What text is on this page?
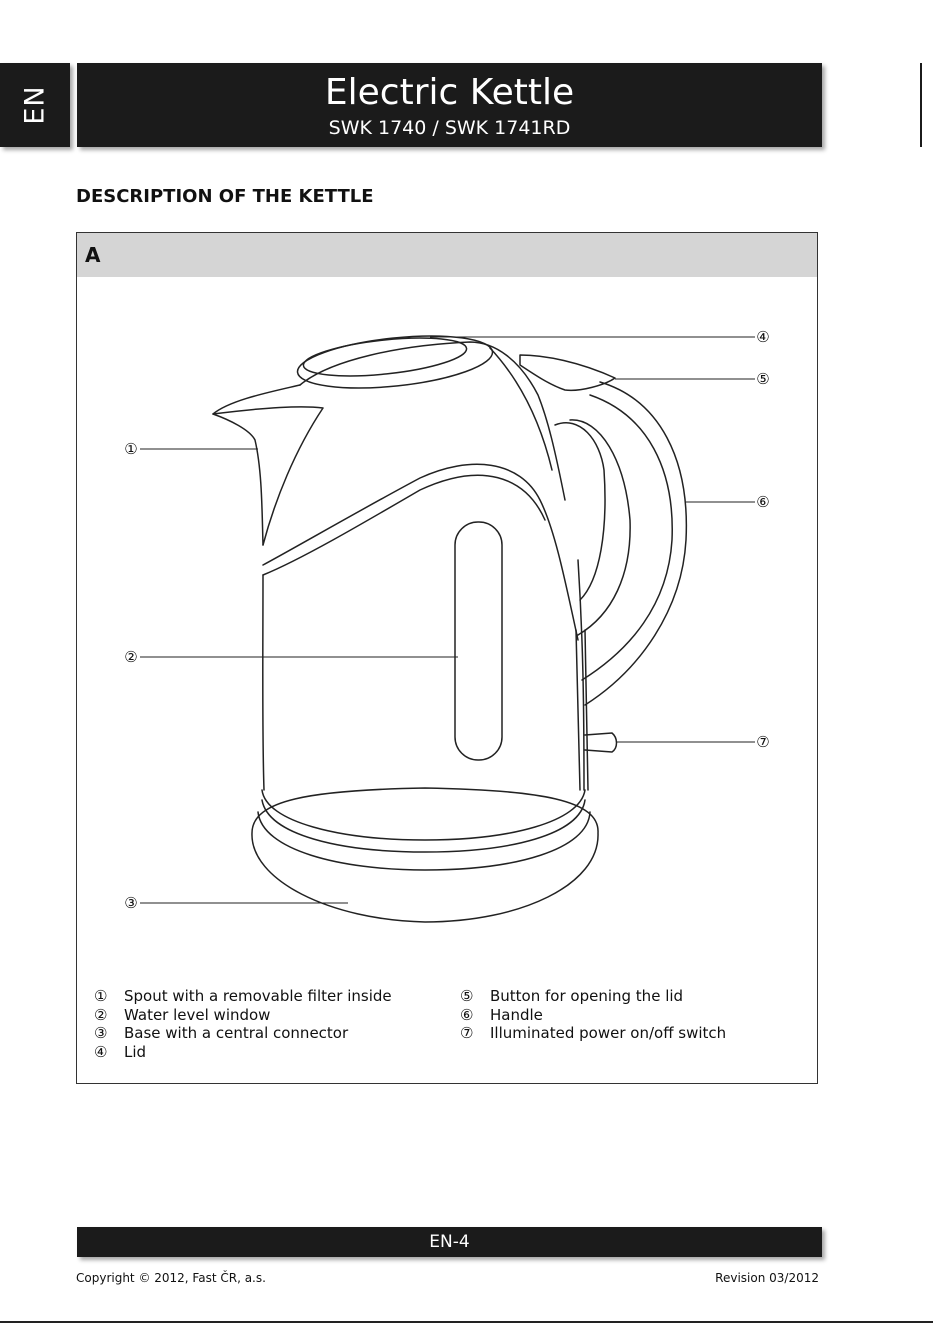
EN	Electric Kettle
SWK 1740 / SWK 1741RD
DESCRIPTION OF THE KETTLE
A
①
②
③
④
⑤
⑥
⑦
① Spout with a removable filter inside
② Water level window
③ Base with a central connector
④ Lid
⑤ Button for opening the lid
⑥ Handle
⑦ Illuminated power on/off switch
EN-4
Copyright © 2012, Fast ČR, a.s.	Revision 03/2012
